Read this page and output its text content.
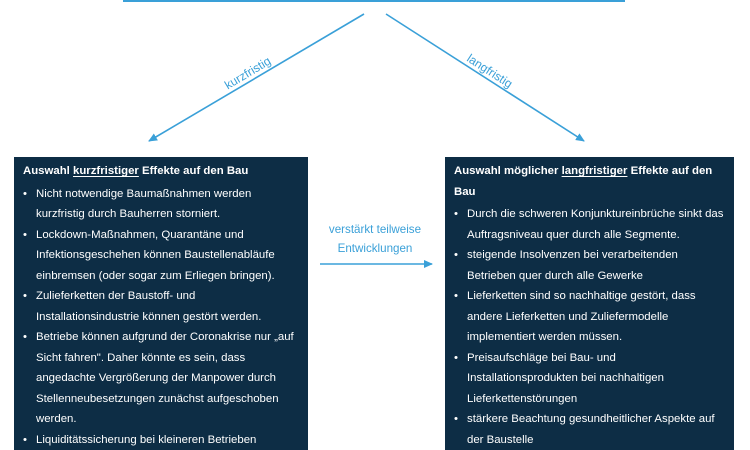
kurzfristig	langfristig
verstärkt teilweise
Entwicklungen
Auswahl kurzfristiger Effekte auf den Bau
• Nicht notwendige Baumaßnahmen werden kurzfristig durch Bauherren storniert.
• Lockdown-Maßnahmen, Quarantäne und Infektionsgeschehen können Baustellenabläufe einbremsen (oder sogar zum Erliegen bringen).
• Zulieferketten der Baustoff- und Installationsindustrie können gestört werden.
• Betriebe können aufgrund der Coronakrise nur „auf Sicht fahren". Daher könnte es sein, dass angedachte Vergrößerung der Manpower durch Stellenneubesetzungen zunächst aufgeschoben werden.
• Liquiditätssicherung bei kleineren Betrieben
Auswahl möglicher langfristiger Effekte auf den Bau
• Durch die schweren Konjunktureinbrüche sinkt das Auftragsniveau quer durch alle Segmente.
• steigende Insolvenzen bei verarbeitenden Betrieben quer durch alle Gewerke
• Lieferketten sind so nachhaltige gestört, dass andere Lieferketten und Zuliefermodelle implementiert werden müssen.
• Preisaufschläge bei Bau- und Installationsprodukten bei nachhaltigen Lieferkettenstörungen
• stärkere Beachtung gesundheitlicher Aspekte auf der Baustelle
